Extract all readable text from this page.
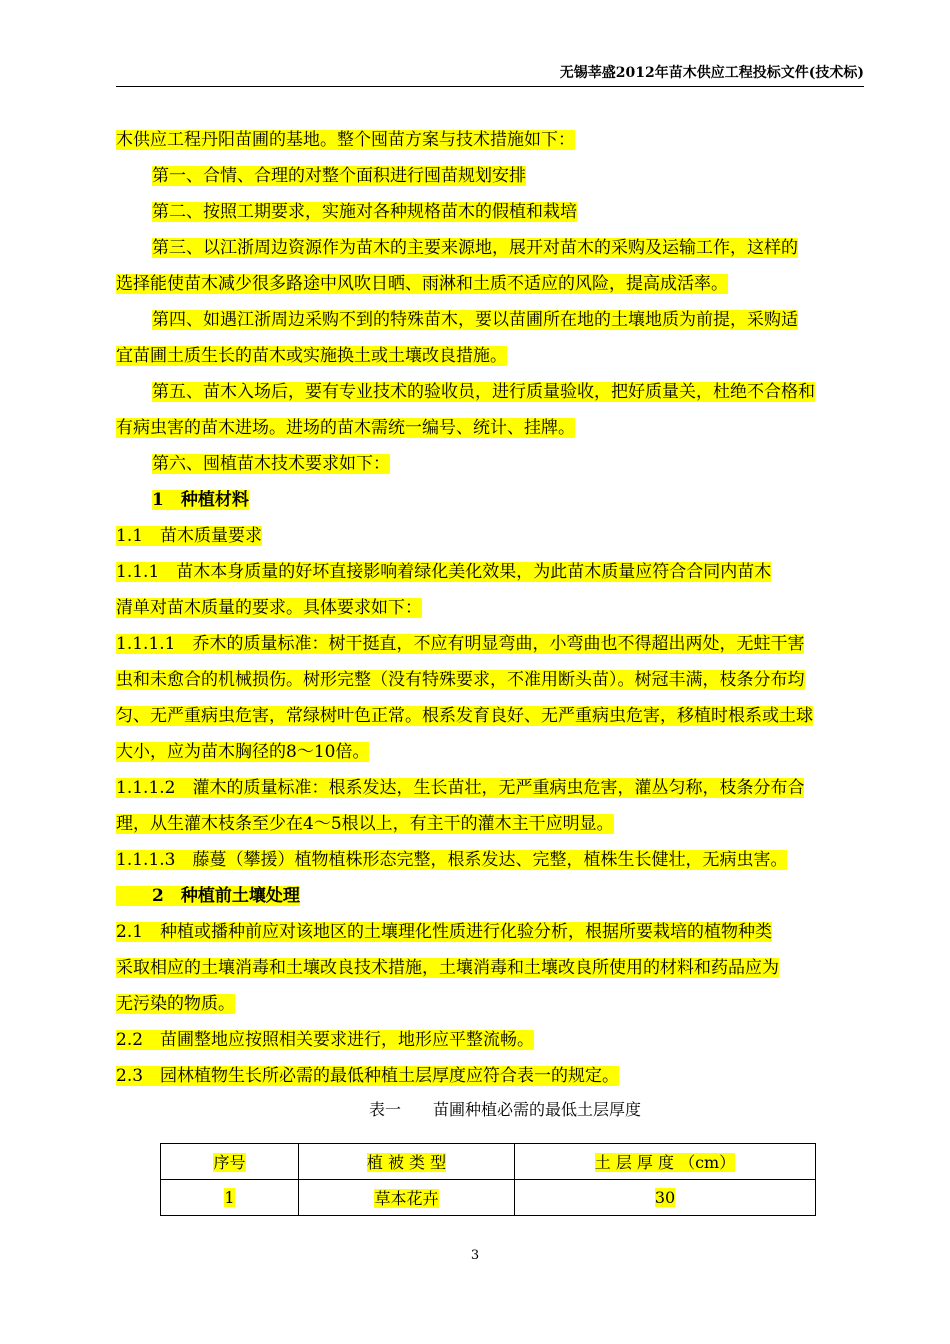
无锡莘盛2012年苗木供应工程投标文件(技术标)
木供应工程丹阳苗圃的基地。整个囤苗方案与技术措施如下：
第一、合情、合理的对整个面积进行囤苗规划安排
第二、按照工期要求，实施对各种规格苗木的假植和栽培
第三、以江浙周边资源作为苗木的主要来源地，展开对苗木的采购及运输工作，这样的
选择能使苗木减少很多路途中风吹日晒、雨淋和土质不适应的风险，提高成活率。
第四、如遇江浙周边采购不到的特殊苗木，要以苗圃所在地的土壤地质为前提，采购适
宜苗圃土质生长的苗木或实施换土或土壤改良措施。
第五、苗木入场后，要有专业技术的验收员，进行质量验收，把好质量关，杜绝不合格和
有病虫害的苗木进场。进场的苗木需统一编号、统计、挂牌。
第六、囤植苗木技术要求如下：
1　种植材料
1.1　苗木质量要求
1.1.1　苗木本身质量的好坏直接影响着绿化美化效果，为此苗木质量应符合合同内苗木
清单对苗木质量的要求。具体要求如下：
1.1.1.1　乔木的质量标准：树干挺直，不应有明显弯曲，小弯曲也不得超出两处，无蛀干害
虫和未愈合的机械损伤。树形完整（没有特殊要求，不准用断头苗）。树冠丰满，枝条分布均
匀、无严重病虫危害，常绿树叶色正常。根系发育良好、无严重病虫危害，移植时根系或土球
大小，应为苗木胸径的8～10倍。
1.1.1.2　灌木的质量标准：根系发达，生长苗壮，无严重病虫危害，灌丛匀称，枝条分布合
理，从生灌木枝条至少在4～5根以上，有主干的灌木主干应明显。
1.1.1.3　藤蔓（攀援）植物植株形态完整，根系发达、完整，植株生长健壮，无病虫害。
2　种植前土壤处理
2.1　种植或播种前应对该地区的土壤理化性质进行化验分析，根据所要栽培的植物种类
采取相应的土壤消毒和土壤改良技术措施，土壤消毒和土壤改良所使用的材料和药品应为
无污染的物质。
2.2　苗圃整地应按照相关要求进行，地形应平整流畅。
2.3　园林植物生长所必需的最低种植土层厚度应符合表一的规定。
表一　　苗圃种植必需的最低土层厚度
序号	植 被 类 型	土 层 厚 度 （cm）
1	草本花卉	30
3
